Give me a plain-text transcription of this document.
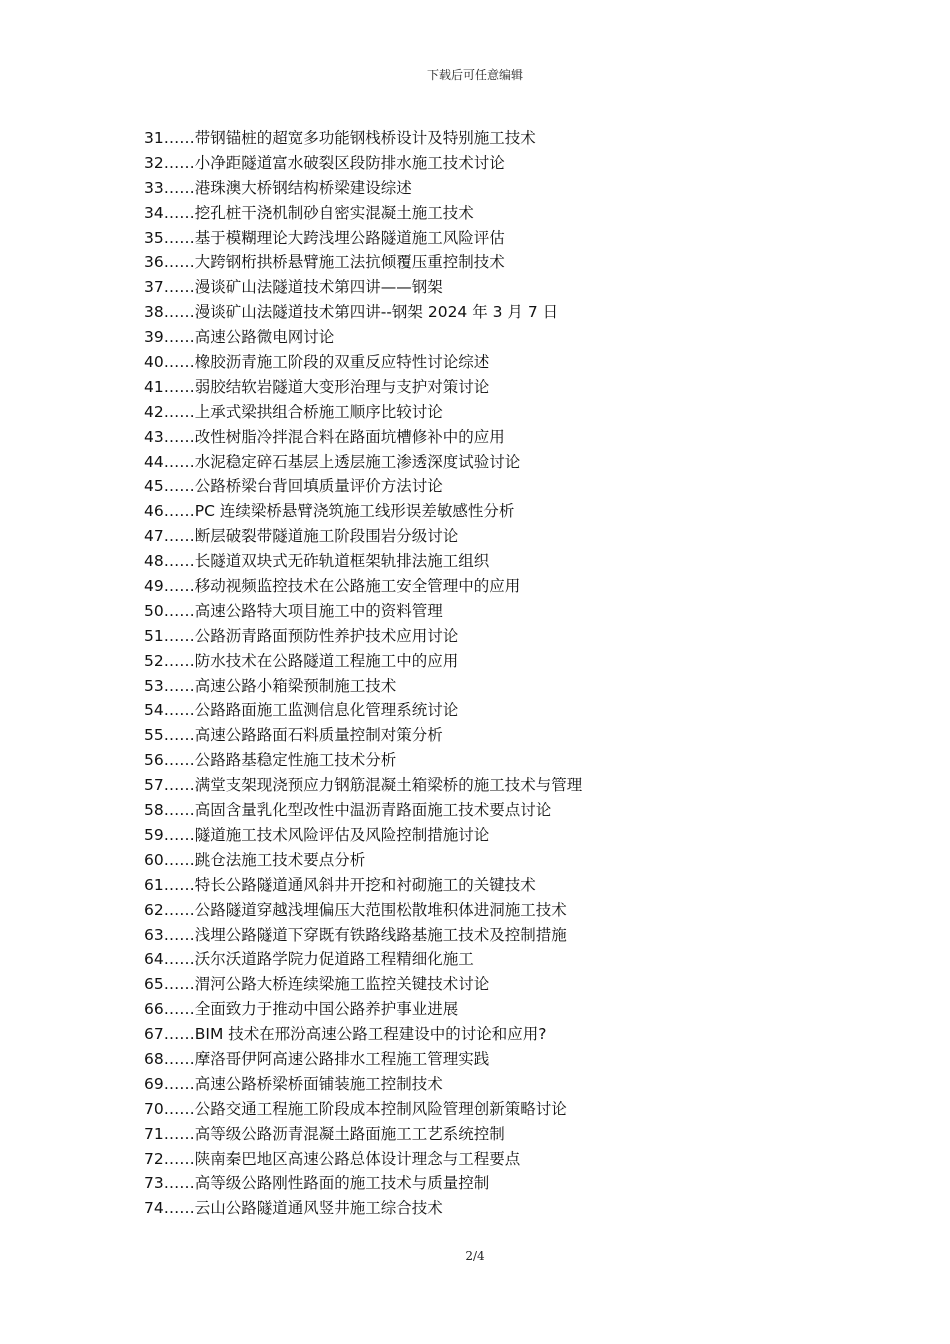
下载后可任意编辑
31……带钢锚桩的超宽多功能钢栈桥设计及特别施工技术
32……小净距隧道富水破裂区段防排水施工技术讨论
33……港珠澳大桥钢结构桥梁建设综述
34……挖孔桩干浇机制砂自密实混凝土施工技术
35……基于模糊理论大跨浅埋公路隧道施工风险评估
36……大跨钢桁拱桥悬臂施工法抗倾覆压重控制技术
37……漫谈矿山法隧道技术第四讲——钢架
38……漫谈矿山法隧道技术第四讲--钢架 2024 年 3 月 7 日
39……高速公路微电网讨论
40……橡胶沥青施工阶段的双重反应特性讨论综述
41……弱胶结软岩隧道大变形治理与支护对策讨论
42……上承式梁拱组合桥施工顺序比较讨论
43……改性树脂冷拌混合料在路面坑槽修补中的应用
44……水泥稳定碎石基层上透层施工渗透深度试验讨论
45……公路桥梁台背回填质量评价方法讨论
46……PC 连续梁桥悬臂浇筑施工线形误差敏感性分析
47……断层破裂带隧道施工阶段围岩分级讨论
48……长隧道双块式无砟轨道框架轨排法施工组织
49……移动视频监控技术在公路施工安全管理中的应用
50……高速公路特大项目施工中的资料管理
51……公路沥青路面预防性养护技术应用讨论
52……防水技术在公路隧道工程施工中的应用
53……高速公路小箱梁预制施工技术
54……公路路面施工监测信息化管理系统讨论
55……高速公路路面石料质量控制对策分析
56……公路路基稳定性施工技术分析
57……满堂支架现浇预应力钢筋混凝土箱梁桥的施工技术与管理
58……高固含量乳化型改性中温沥青路面施工技术要点讨论
59……隧道施工技术风险评估及风险控制措施讨论
60……跳仓法施工技术要点分析
61……特长公路隧道通风斜井开挖和衬砌施工的关键技术
62……公路隧道穿越浅埋偏压大范围松散堆积体进洞施工技术
63……浅埋公路隧道下穿既有铁路线路基施工技术及控制措施
64……沃尔沃道路学院力促道路工程精细化施工
65……渭河公路大桥连续梁施工监控关键技术讨论
66……全面致力于推动中国公路养护事业进展
67……BIM 技术在邢汾高速公路工程建设中的讨论和应用?
68……摩洛哥伊阿高速公路排水工程施工管理实践
69……高速公路桥梁桥面铺装施工控制技术
70……公路交通工程施工阶段成本控制风险管理创新策略讨论
71……高等级公路沥青混凝土路面施工工艺系统控制
72……陕南秦巴地区高速公路总体设计理念与工程要点
73……高等级公路刚性路面的施工技术与质量控制
74……云山公路隧道通风竖井施工综合技术
2/4
